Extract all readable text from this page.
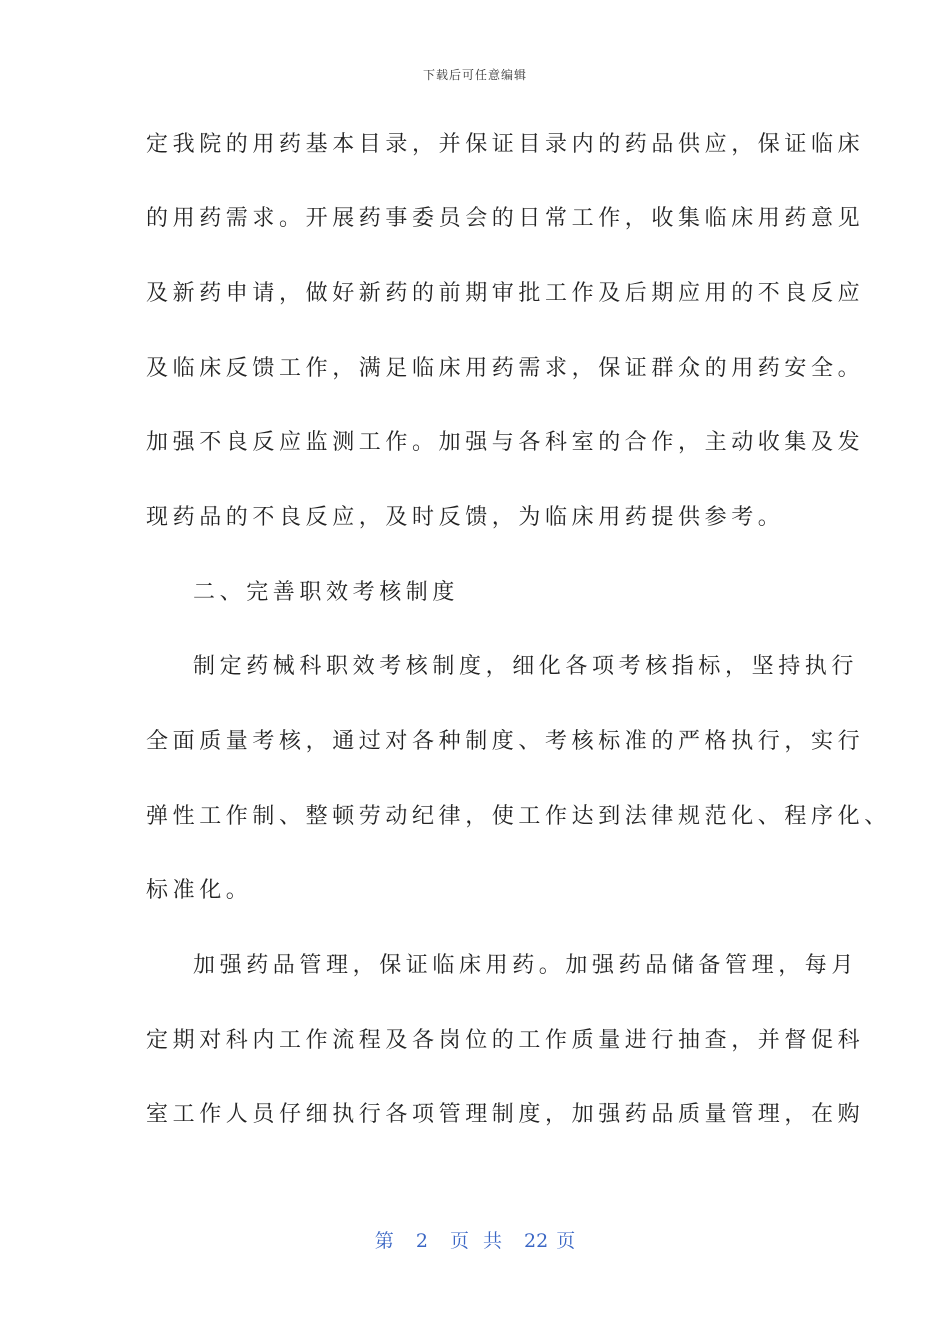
下载后可任意编辑
定我院的用药基本目录，并保证目录内的药品供应，保证临床
的用药需求。开展药事委员会的日常工作，收集临床用药意见
及新药申请，做好新药的前期审批工作及后期应用的不良反应
及临床反馈工作，满足临床用药需求，保证群众的用药安全。
加强不良反应监测工作。加强与各科室的合作，主动收集及发
现药品的不良反应，及时反馈，为临床用药提供参考。
二、完善职效考核制度
制定药械科职效考核制度，细化各项考核指标，坚持执行
全面质量考核，通过对各种制度、考核标准的严格执行，实行
弹性工作制、整顿劳动纪律，使工作达到法律规范化、程序化、
标准化。
加强药品管理，保证临床用药。加强药品储备管理，每月
定期对科内工作流程及各岗位的工作质量进行抽查，并督促科
室工作人员仔细执行各项管理制度，加强药品质量管理，在购
第 2 页 共 22 页
